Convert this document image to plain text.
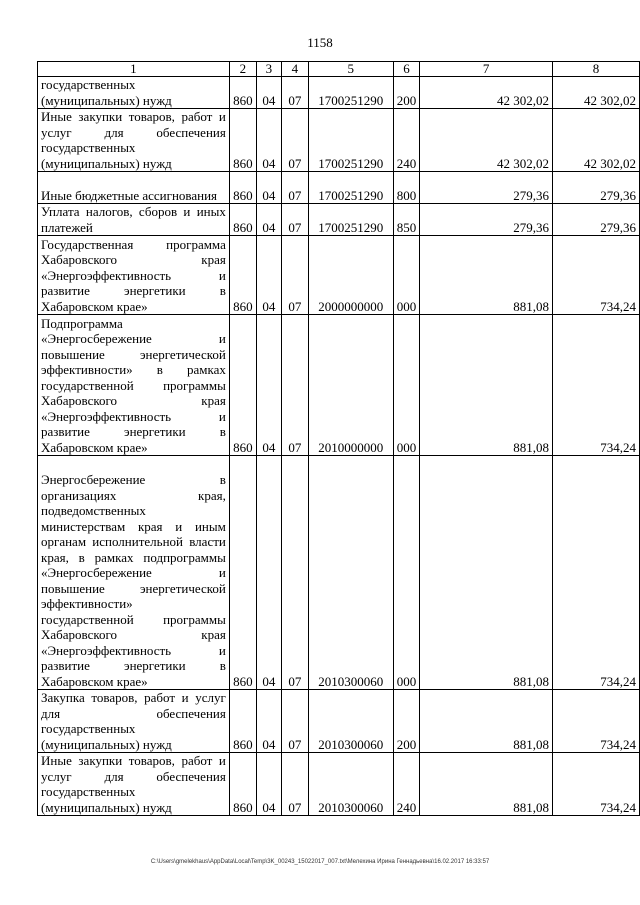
1158
1	2	3	4	5	6	7	8
государственных
(муниципальных) нужд	860	04	07	1700251290	200	42 302,02	42 302,02
Иные закупки товаров, работ и услуг для обеспечения государственных
(муниципальных) нужд	860	04	07	1700251290	240	42 302,02	42 302,02
Иные бюджетные ассигнования	860	04	07	1700251290	800	279,36	279,36
Уплата налогов, сборов и иных платежей	860	04	07	1700251290	850	279,36	279,36
Государственная программа Хабаровского края «Энергоэффективность и развитие энергетики в Хабаровском крае»	860	04	07	2000000000	000	881,08	734,24
Подпрограмма «Энергосбережение и повышение энергетической эффективности» в рамках государственной программы Хабаровского края «Энергоэффективность и развитие энергетики в Хабаровском крае»	860	04	07	2010000000	000	881,08	734,24
Энергосбережение в организациях края, подведомственных министерствам края и иным органам исполнительной власти края, в рамках подпрограммы «Энергосбережение и повышение энергетической эффективности» государственной программы Хабаровского края «Энергоэффективность и развитие энергетики в Хабаровском крае»	860	04	07	2010300060	000	881,08	734,24
Закупка товаров, работ и услуг для обеспечения государственных
(муниципальных) нужд	860	04	07	2010300060	200	881,08	734,24
Иные закупки товаров, работ и услуг для обеспечения государственных
(муниципальных) нужд	860	04	07	2010300060	240	881,08	734,24
C:\Users\gmelekhaus\AppData\Local\Temp\3K_00243_15022017_007.txt\Мелехина Ирина Геннадьевна\16.02.2017 16:33:57
